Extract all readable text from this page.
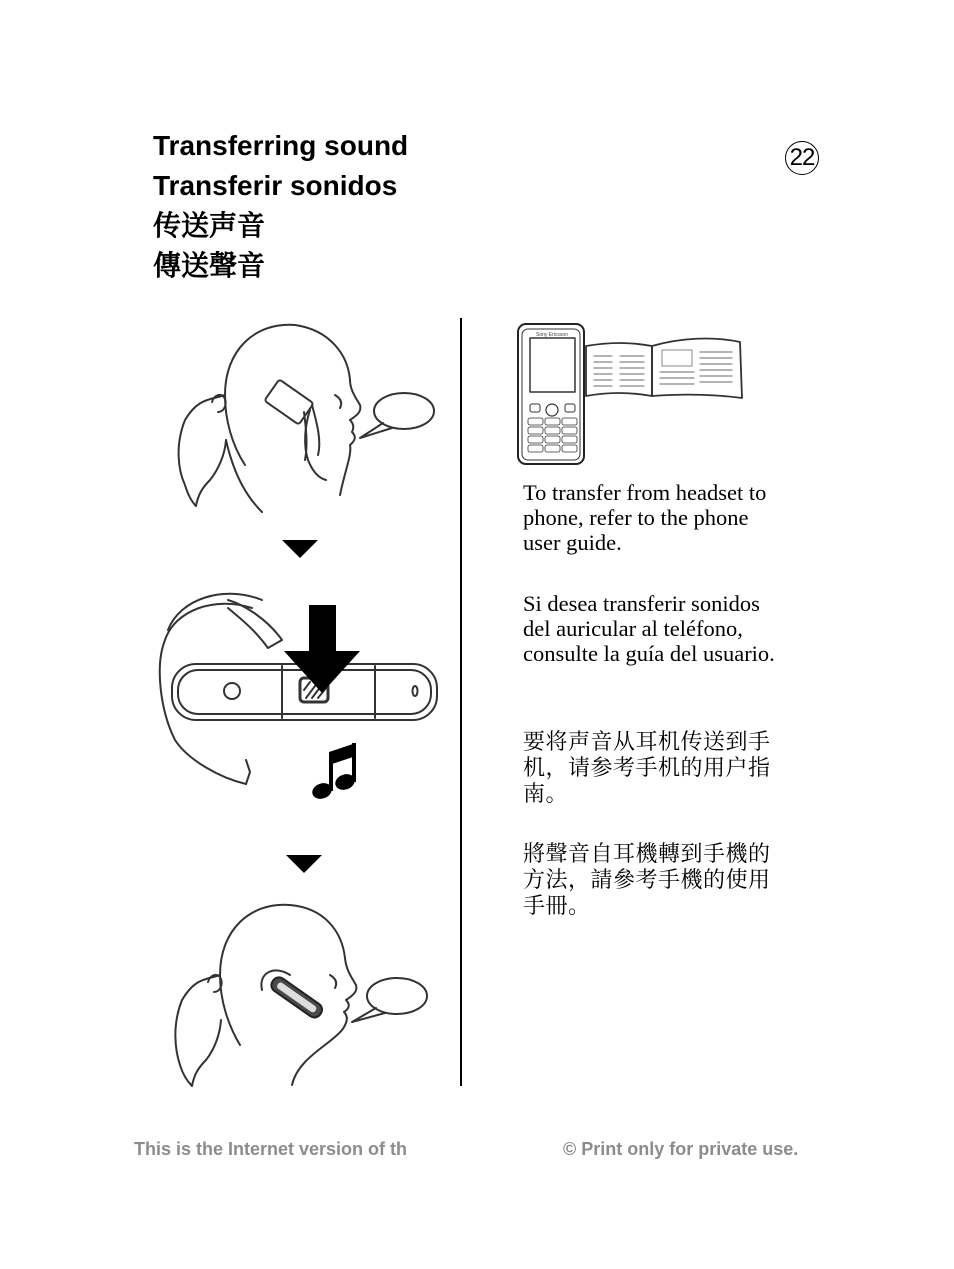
Transferring sound
Transferir sonidos
传送声音
傳送聲音
22
Sony Ericsson
To transfer from headset to phone, refer to the phone user guide.
Si desea transferir sonidos del auricular al teléfono, consulte la guía del usuario.
要将声音从耳机传送到手机，请参考手机的用户指南。
將聲音自耳機轉到手機的方法，請參考手機的使用手冊。
This is the Internet version of th	© Print only for private use.
